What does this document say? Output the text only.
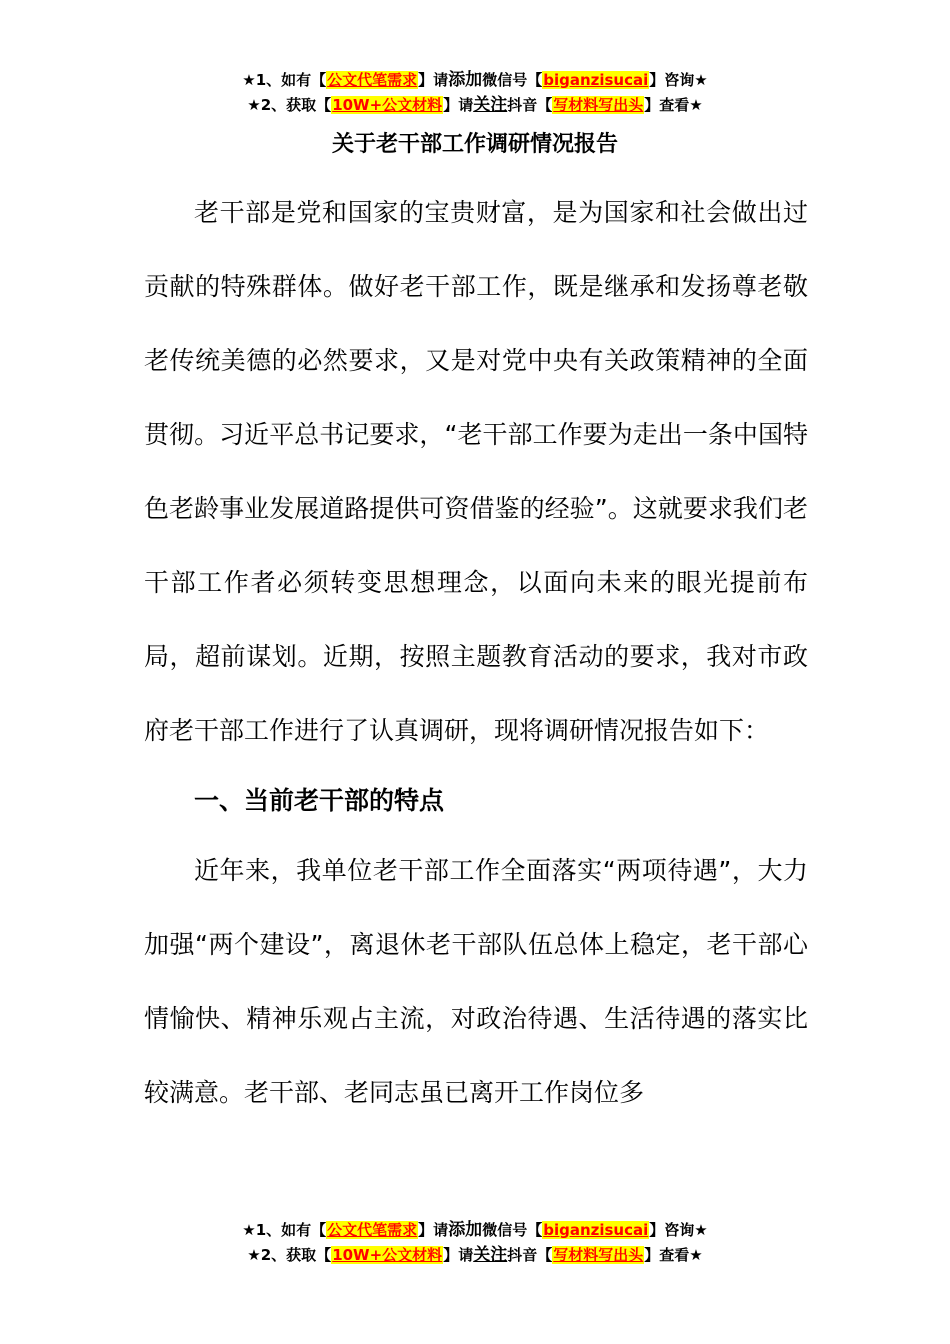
★1、如有【公文代笔需求】请添加微信号【biganzisucai】咨询★
★2、获取【10W+公文材料】请关注抖音【写材料写出头】查看★
关于老干部工作调研情况报告

老干部是党和国家的宝贵财富，是为国家和社会做出过贡献的特殊群体。做好老干部工作，既是继承和发扬尊老敬老传统美德的必然要求，又是对党中央有关政策精神的全面贯彻。习近平总书记要求，“老干部工作要为走出一条中国特色老龄事业发展道路提供可资借鉴的经验”。这就要求我们老干部工作者必须转变思想理念，以面向未来的眼光提前布局，超前谋划。近期，按照主题教育活动的要求，我对市政府老干部工作进行了认真调研，现将调研情况报告如下：

一、当前老干部的特点

近年来，我单位老干部工作全面落实“两项待遇”，大力加强“两个建设”，离退休老干部队伍总体上稳定，老干部心情愉快、精神乐观占主流，对政治待遇、生活待遇的落实比较满意。老干部、老同志虽已离开工作岗位多

★1、如有【公文代笔需求】请添加微信号【biganzisucai】咨询★
★2、获取【10W+公文材料】请关注抖音【写材料写出头】查看★
